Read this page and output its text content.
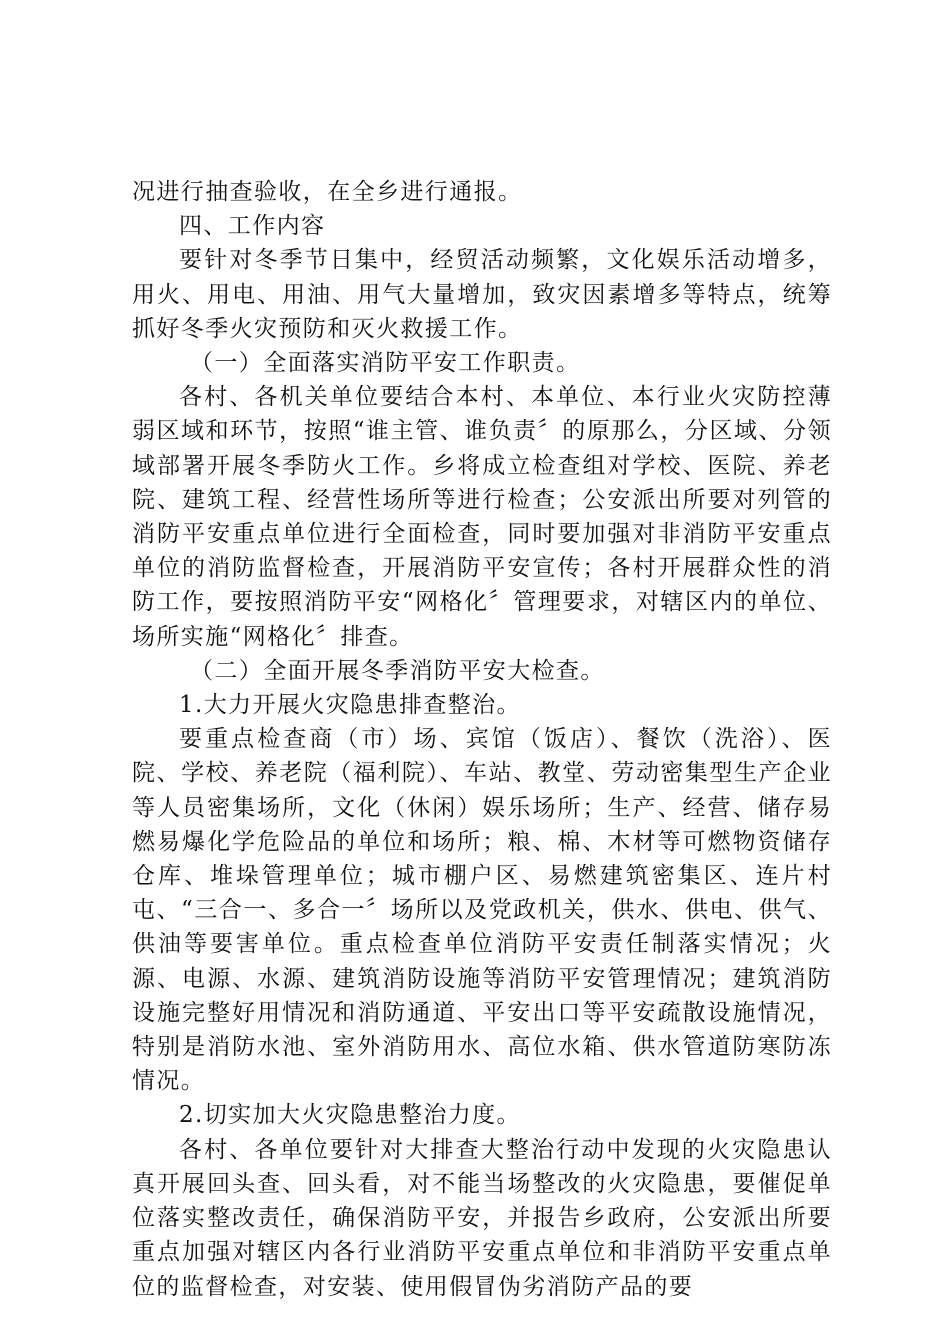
况进行抽查验收，在全乡进行通报。

四、工作内容

要针对冬季节日集中，经贸活动频繁，文化娱乐活动增多，用火、用电、用油、用气大量增加，致灾因素增多等特点，统筹抓好冬季火灾预防和灭火救援工作。

（一）全面落实消防平安工作职责。

各村、各机关单位要结合本村、本单位、本行业火灾防控薄弱区域和环节，按照“谁主管、谁负责〞的原那么，分区域、分领域部署开展冬季防火工作。乡将成立检查组对学校、医院、养老院、建筑工程、经营性场所等进行检查；公安派出所要对列管的消防平安重点单位进行全面检查，同时要加强对非消防平安重点单位的消防监督检查，开展消防平安宣传；各村开展群众性的消防工作，要按照消防平安“网格化〞管理要求，对辖区内的单位、场所实施“网格化〞排查。

（二）全面开展冬季消防平安大检查。

1.大力开展火灾隐患排查整治。

要重点检查商（市）场、宾馆（饭店）、餐饮（洗浴）、医院、学校、养老院（福利院）、车站、教堂、劳动密集型生产企业等人员密集场所，文化（休闲）娱乐场所；生产、经营、储存易燃易爆化学危险品的单位和场所；粮、棉、木材等可燃物资储存仓库、堆垛管理单位；城市棚户区、易燃建筑密集区、连片村屯、“三合一、多合一〞场所以及党政机关，供水、供电、供气、供油等要害单位。重点检查单位消防平安责任制落实情况；火源、电源、水源、建筑消防设施等消防平安管理情况；建筑消防设施完整好用情况和消防通道、平安出口等平安疏散设施情况，特别是消防水池、室外消防用水、高位水箱、供水管道防寒防冻情况。

2.切实加大火灾隐患整治力度。

各村、各单位要针对大排查大整治行动中发现的火灾隐患认真开展回头查、回头看，对不能当场整改的火灾隐患，要催促单位落实整改责任，确保消防平安，并报告乡政府，公安派出所要重点加强对辖区内各行业消防平安重点单位和非消防平安重点单位的监督检查，对安装、使用假冒伪劣消防产品的要
